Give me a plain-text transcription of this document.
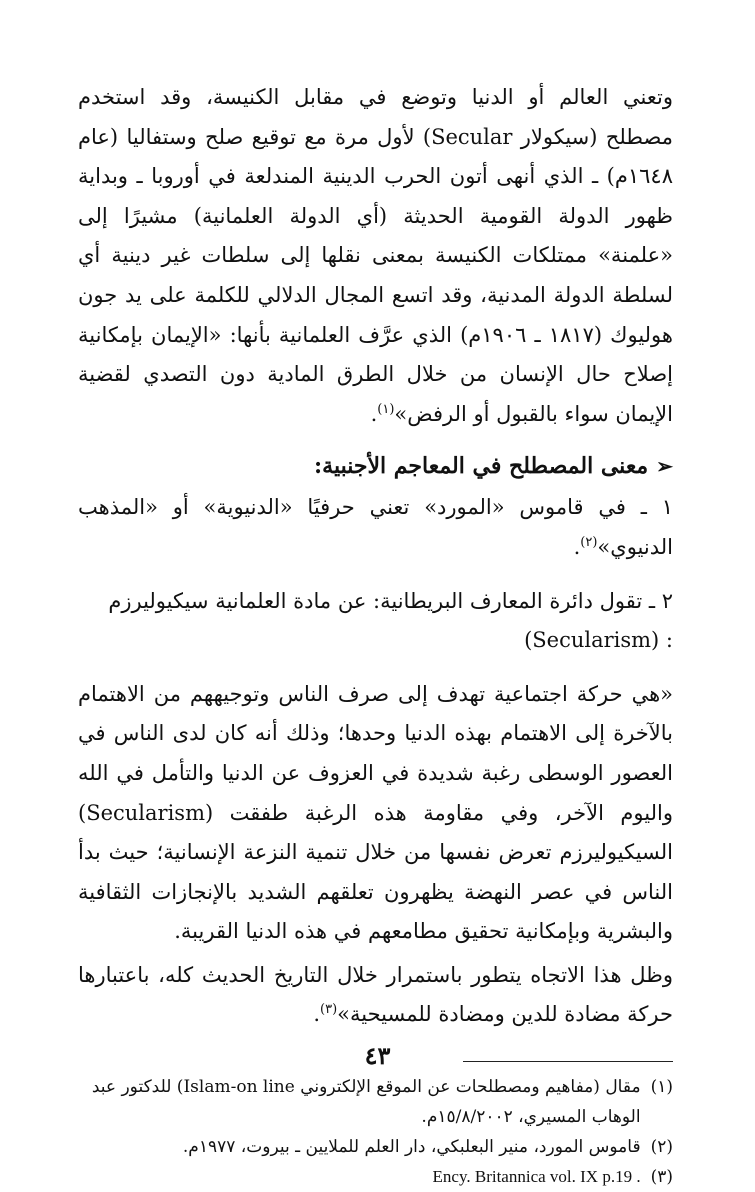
وتعني العالم أو الدنيا وتوضع في مقابل الكنيسة، وقد استخدم مصطلح (سيكولار Secular) لأول مرة مع توقيع صلح وستفاليا (عام ١٦٤٨م) ـ الذي أنهى أتون الحرب الدينية المندلعة في أوروبا ـ وبداية ظهور الدولة القومية الحديثة (أي الدولة العلمانية) مشيرًا إلى «علمنة» ممتلكات الكنيسة بمعنى نقلها إلى سلطات غير دينية أي لسلطة الدولة المدنية، وقد اتسع المجال الدلالي للكلمة على يد جون هوليوك (١٨١٧ ـ ١٩٠٦م) الذي عرَّف العلمانية بأنها: «الإيمان بإمكانية إصلاح حال الإنسان من خلال الطرق المادية دون التصدي لقضية الإيمان سواء بالقبول أو الرفض»$^{(١)}$.

➢
معنى المصطلح في المعاجم الأجنبية:

١ ـ في قاموس «المورد» تعني حرفيًا «الدنيوية» أو «المذهب الدنيوي»$^{(٢)}$.

٢ ـ تقول دائرة المعارف البريطانية: عن مادة العلمانية سيكيوليرزم
: (Secularism)

«هي حركة اجتماعية تهدف إلى صرف الناس وتوجيههم من الاهتمام بالآخرة إلى الاهتمام بهذه الدنيا وحدها؛ وذلك أنه كان لدى الناس في العصور الوسطى رغبة شديدة في العزوف عن الدنيا والتأمل في الله واليوم الآخر، وفي مقاومة هذه الرغبة طفقت (Secularism) السيكيوليرزم تعرض نفسها من خلال تنمية النزعة الإنسانية؛ حيث بدأ الناس في عصر النهضة يظهرون تعلقهم الشديد بالإنجازات الثقافية والبشرية وبإمكانية تحقيق مطامعهم في هذه الدنيا القريبة.

وظل هذا الاتجاه يتطور باستمرار خلال التاريخ الحديث كله، باعتبارها حركة مضادة للدين ومضادة للمسيحية»$^{(٣)}$.

(١)
مقال (مفاهيم ومصطلحات عن الموقع الإلكتروني Islam-on line) للدكتور عبد الوهاب المسيري، ١٥/٨/٢٠٠٢م.
(٢)
قاموس المورد، منير البعلبكي، دار العلم للملايين ـ بيروت، ١٩٧٧م.
(٣)
. Ency. Britannica vol. IX p.19
٤٣
